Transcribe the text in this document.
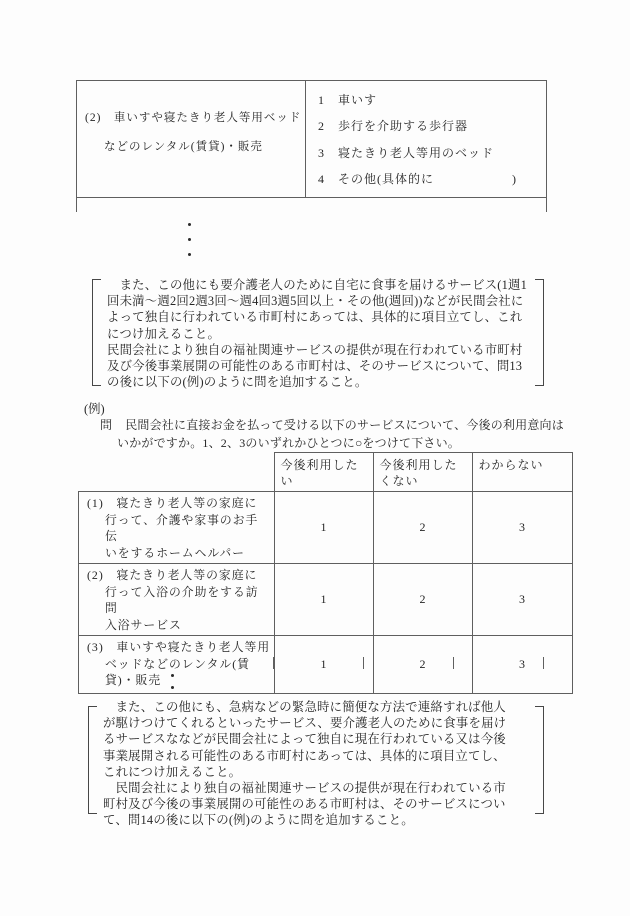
(2)　車いすや寝たきり老人等用ベッド
などのレンタル(賃貸)・販売
1 車いす
2 歩行を介助する歩行器
3 寝たきり老人等用のベッド
4 その他(具体的に　　　　　　)
　また、この他にも要介護老人のために自宅に食事を届けるサービス(1週1
回未満〜週2回2週3回〜週4回3週5回以上・その他(週回))などが民間会社に
よって独自に行われている市町村にあっては、具体的に項目立てし、これ
につけ加えること。
民間会社により独自の福祉関連サービスの提供が現在行われている市町村
及び今後事業展開の可能性のある市町村は、そのサービスについて、問13
の後に以下の(例)のように問を追加すること。
(例)
問 民間会社に直接お金を払って受ける以下のサービスについて、今後の利用意向は
いかがですか。1、2、3のいずれかひとつに○をつけて下さい。
	今後利用したい	今後利用したくない	わからない

(1)　寝たきり老人等の家庭に
行って、介護や家事のお手伝
いをするホームヘルパー	1	2	3

(2)　寝たきり老人等の家庭に
行って入浴の介助をする訪問
入浴サービス	1	2	3

(3)　車いすや寝たきり老人等用
ベッドなどのレンタル(賃
貸)・販売	1	2	3
　また、この他にも、急病などの緊急時に簡便な方法で連絡すれば他人
が駆けつけてくれるといったサービス、要介護老人のために食事を届け
るサービスななどが民間会社によって独自に現在行われている又は今後
事業展開される可能性のある市町村にあっては、具体的に項目立てし、
これにつけ加えること。
　民間会社により独自の福祉関連サービスの提供が現在行われている市
町村及び今後の事業展開の可能性のある市町村は、そのサービスについ
て、問14の後に以下の(例)のように問を追加すること。
